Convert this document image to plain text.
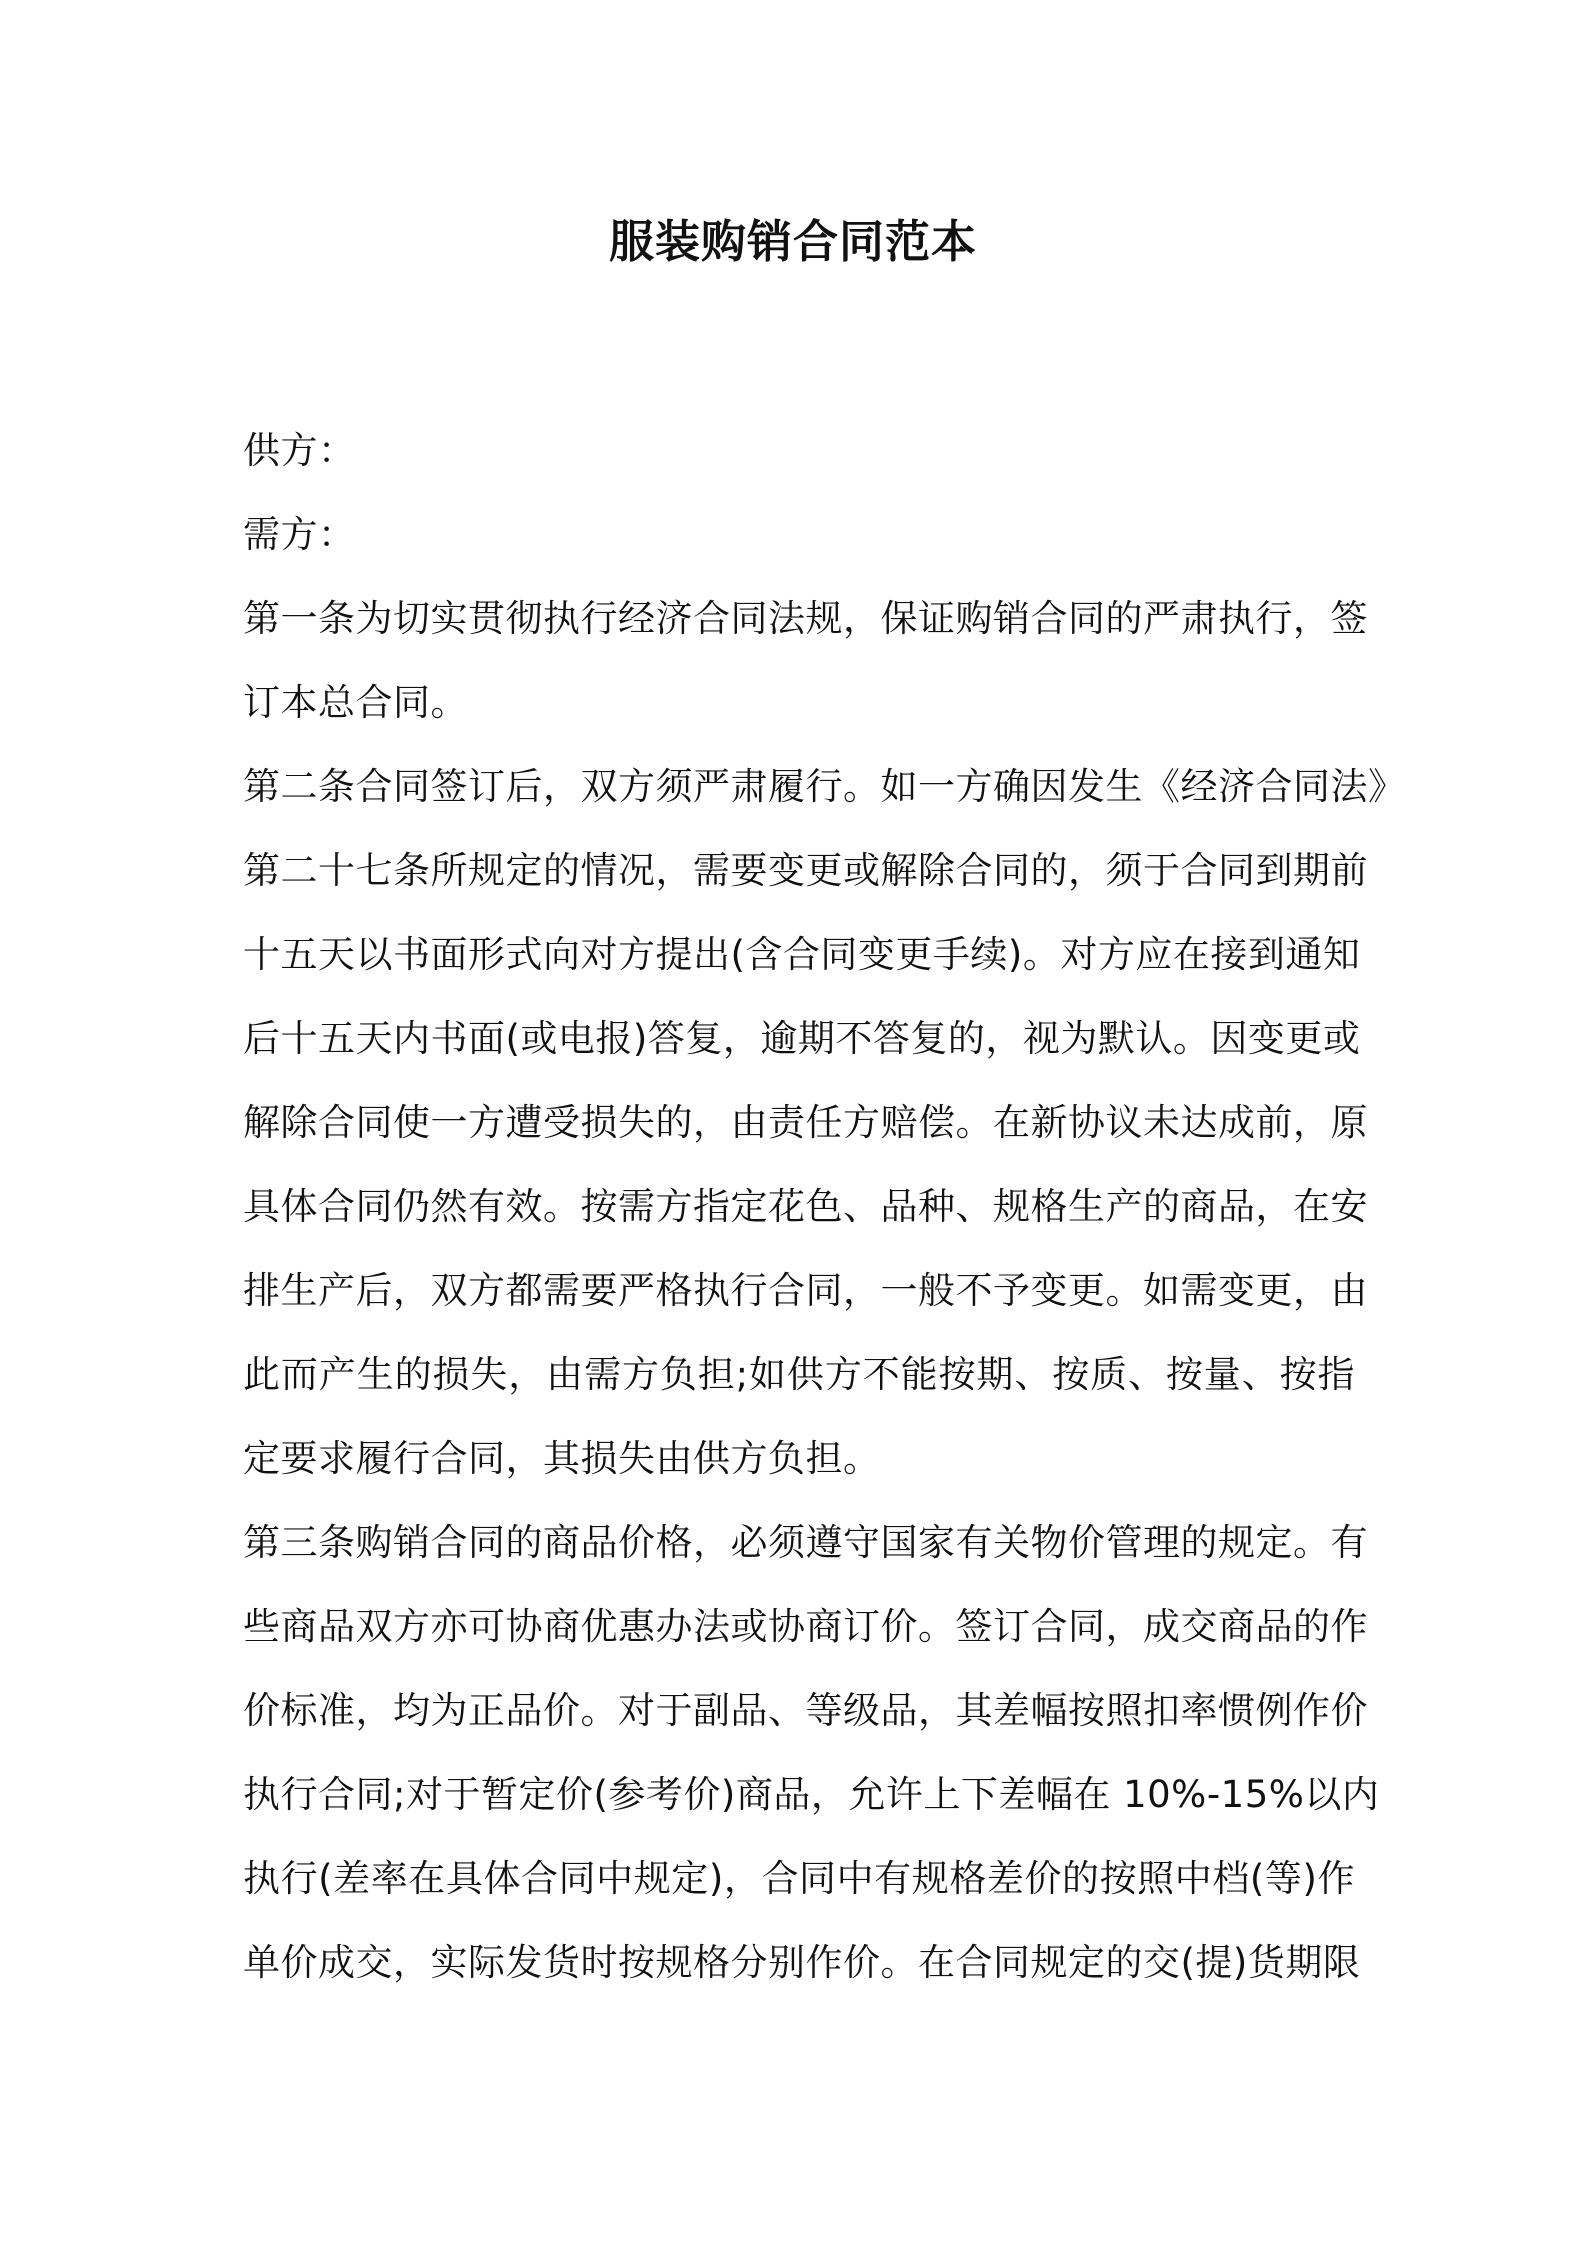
服装购销合同范本

供方：

需方：

第一条为切实贯彻执行经济合同法规，保证购销合同的严肃执行，签
订本总合同。

第二条合同签订后，双方须严肃履行。如一方确因发生《经济合同法》
第二十七条所规定的情况，需要变更或解除合同的，须于合同到期前
十五天以书面形式向对方提出(含合同变更手续)。对方应在接到通知
后十五天内书面(或电报)答复，逾期不答复的，视为默认。因变更或
解除合同使一方遭受损失的，由责任方赔偿。在新协议未达成前，原
具体合同仍然有效。按需方指定花色、品种、规格生产的商品，在安
排生产后，双方都需要严格执行合同，一般不予变更。如需变更，由
此而产生的损失，由需方负担;如供方不能按期、按质、按量、按指
定要求履行合同，其损失由供方负担。

第三条购销合同的商品价格，必须遵守国家有关物价管理的规定。有
些商品双方亦可协商优惠办法或协商订价。签订合同，成交商品的作
价标准，均为正品价。对于副品、等级品，其差幅按照扣率惯例作价
执行合同;对于暂定价(参考价)商品，允许上下差幅在 10%-15%以内
执行(差率在具体合同中规定)，合同中有规格差价的按照中档(等)作
单价成交，实际发货时按规格分别作价。在合同规定的交(提)货期限
